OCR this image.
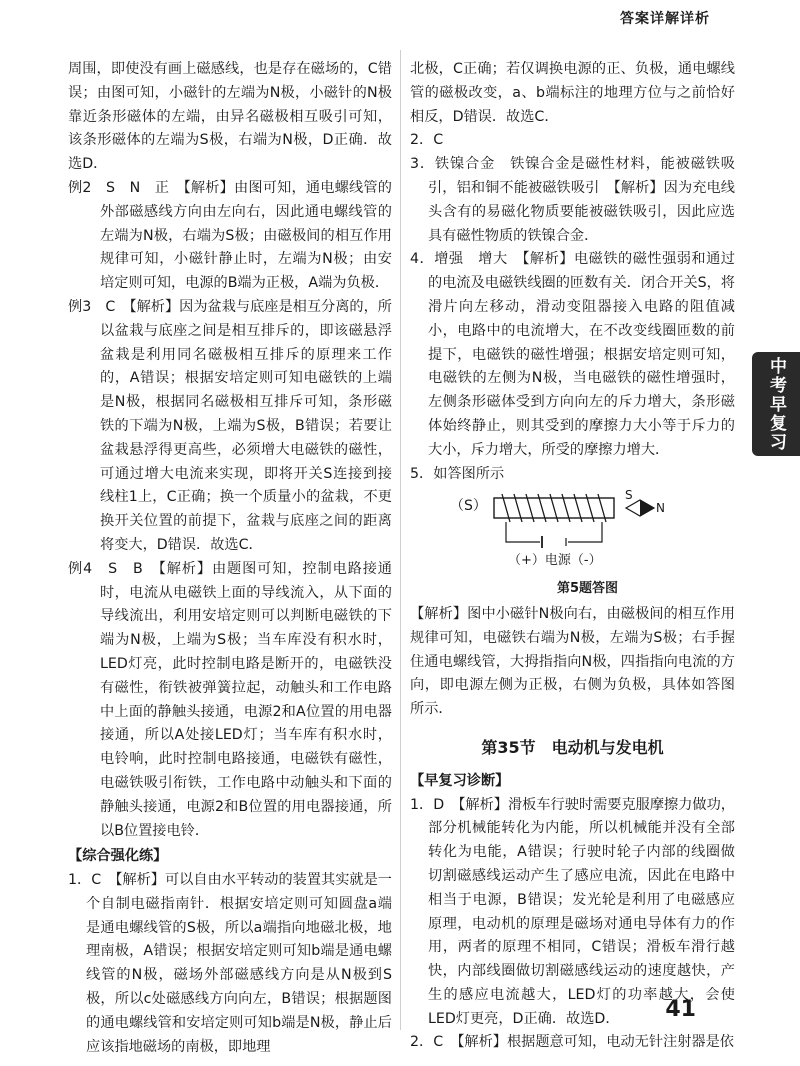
答案详解详析

周围，即使没有画上磁感线，也是存在磁场的，C错误；由图可知，小磁针的左端为N极，小磁针的N极靠近条形磁体的左端，由异名磁极相互吸引可知，该条形磁体的左端为S极，右端为N极，D正确．故选D．

例2　S　N　正　【解析】由图可知，通电螺线管的外部磁感线方向由左向右，因此通电螺线管的左端为N极，右端为S极；由磁极间的相互作用规律可知，小磁针静止时，左端为N极；由安培定则可知，电源的B端为正极，A端为负极．

例3　C　【解析】因为盆栽与底座是相互分离的，所以盆栽与底座之间是相互排斥的，即该磁悬浮盆栽是利用同名磁极相互排斥的原理来工作的，A错误；根据安培定则可知电磁铁的上端是N极，根据同名磁极相互排斥可知，条形磁铁的下端为N极，上端为S极，B错误；若要让盆栽悬浮得更高些，必须增大电磁铁的磁性，可通过增大电流来实现，即将开关S连接到接线柱1上，C正确；换一个质量小的盆栽，不更换开关位置的前提下，盆栽与底座之间的距离将变大，D错误．故选C．

例4　S　B　【解析】由题图可知，控制电路接通时，电流从电磁铁上面的导线流入，从下面的导线流出，利用安培定则可以判断电磁铁的下端为N极，上端为S极；当车库没有积水时，LED灯亮，此时控制电路是断开的，电磁铁没有磁性，衔铁被弹簧拉起，动触头和工作电路中上面的静触头接通，电源2和A位置的用电器接通，所以A处接LED灯；当车库有积水时，电铃响，此时控制电路接通，电磁铁有磁性，电磁铁吸引衔铁，工作电路中动触头和下面的静触头接通，电源2和B位置的用电器接通，所以B位置接电铃．

【综合强化练】

1．C　【解析】可以自由水平转动的装置其实就是一个自制电磁指南针．根据安培定则可知圆盘a端是通电螺线管的S极，所以a端指向地磁北极，地理南极，A错误；根据安培定则可知b端是通电螺线管的N极，磁场外部磁感线方向是从N极到S极，所以c处磁感线方向向左，B错误；根据题图的通电螺线管和安培定则可知b端是N极，静止后应该指地磁场的南极，即地理

北极，C正确；若仅调换电源的正、负极，通电螺线管的磁极改变，a、b端标注的地理方位与之前恰好相反，D错误．故选C．

2．C

3．铁镍合金　铁镍合金是磁性材料，能被磁铁吸引，铝和铜不能被磁铁吸引　【解析】因为充电线头含有的易磁化物质要能被磁铁吸引，因此应选具有磁性物质的铁镍合金．

4．增强　增大　【解析】电磁铁的磁性强弱和通过的电流及电磁铁线圈的匝数有关．闭合开关S，将滑片向左移动，滑动变阻器接入电路的阻值减小，电路中的电流增大，在不改变线圈匝数的前提下，电磁铁的磁性增强；根据安培定则可知，电磁铁的左侧为N极，当电磁铁的磁性增强时，左侧条形磁体受到方向向左的斥力增大，条形磁体始终静止，则其受到的摩擦力大小等于斥力的大小，斥力增大，所受的摩擦力增大．

5．如答图所示

（S）
S
N
（+）电源（-）
第5题答图

【解析】图中小磁针N极向右，由磁极间的相互作用规律可知，电磁铁右端为N极，左端为S极；右手握住通电螺线管，大拇指指向N极，四指指向电流的方向，即电源左侧为正极，右侧为负极，具体如答图所示．

第35节　电动机与发电机

【早复习诊断】

1．D　【解析】滑板车行驶时需要克服摩擦力做功，部分机械能转化为内能，所以机械能并没有全部转化为电能，A错误；行驶时轮子内部的线圈做切割磁感线运动产生了感应电流，因此在电路中相当于电源，B错误；发光轮是利用了电磁感应原理，电动机的原理是磁场对通电导体有力的作用，两者的原理不相同，C错误；滑板车滑行越快，内部线圈做切割磁感线运动的速度越快，产生的感应电流越大，LED灯的功率越大，会使LED灯更亮，D正确．故选D．

2．C　【解析】根据题意可知，电动无针注射器是依

中考早复习
41
